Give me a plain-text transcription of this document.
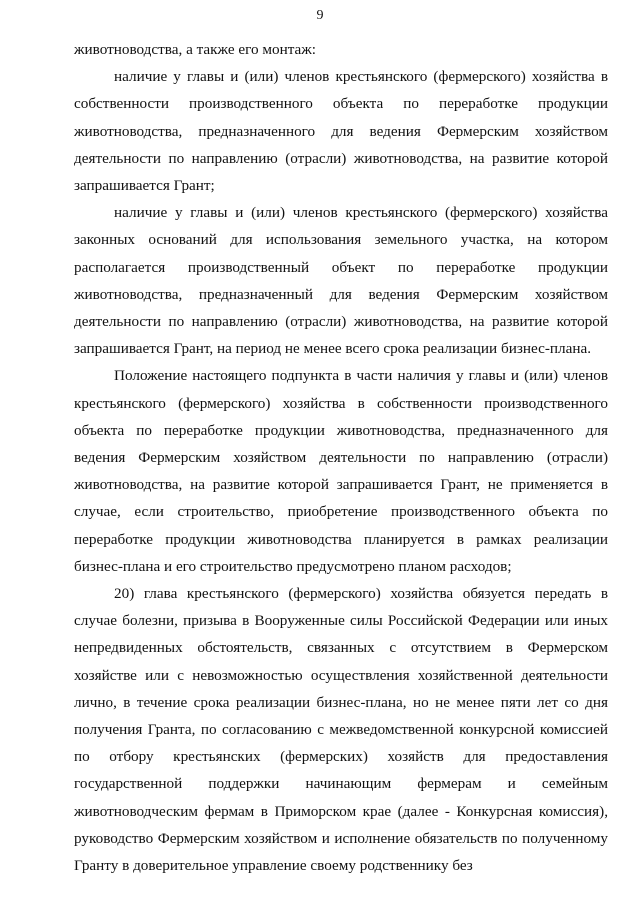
9

животноводства, а также его монтаж:

наличие у главы и (или) членов крестьянского (фермерского) хозяйства в собственности производственного объекта по переработке продукции животноводства, предназначенного для ведения Фермерским хозяйством деятельности по направлению (отрасли) животноводства, на развитие которой запрашивается Грант;

наличие у главы и (или) членов крестьянского (фермерского) хозяйства законных оснований для использования земельного участка, на котором располагается производственный объект по переработке продукции животноводства, предназначенный для ведения Фермерским хозяйством деятельности по направлению (отрасли) животноводства, на развитие которой запрашивается Грант, на период не менее всего срока реализации бизнес-плана.

Положение настоящего подпункта в части наличия у главы и (или) членов крестьянского (фермерского) хозяйства в собственности производственного объекта по переработке продукции животноводства, предназначенного для ведения Фермерским хозяйством деятельности по направлению (отрасли) животноводства, на развитие которой запрашивается Грант, не применяется в случае, если строительство, приобретение производственного объекта по переработке продукции животноводства планируется в рамках реализации бизнес-плана и его строительство предусмотрено планом расходов;

20) глава крестьянского (фермерского) хозяйства обязуется передать в случае болезни, призыва в Вооруженные силы Российской Федерации или иных непредвиденных обстоятельств, связанных с отсутствием в Фермерском хозяйстве или с невозможностью осуществления хозяйственной деятельности лично, в течение срока реализации бизнес-плана, но не менее пяти лет со дня получения Гранта, по согласованию с межведомственной конкурсной комиссией по отбору крестьянских (фермерских) хозяйств для предоставления государственной поддержки начинающим фермерам и семейным животноводческим фермам в Приморском крае (далее - Конкурсная комиссия), руководство Фермерским хозяйством и исполнение обязательств по полученному Гранту в доверительное управление своему родственнику без
